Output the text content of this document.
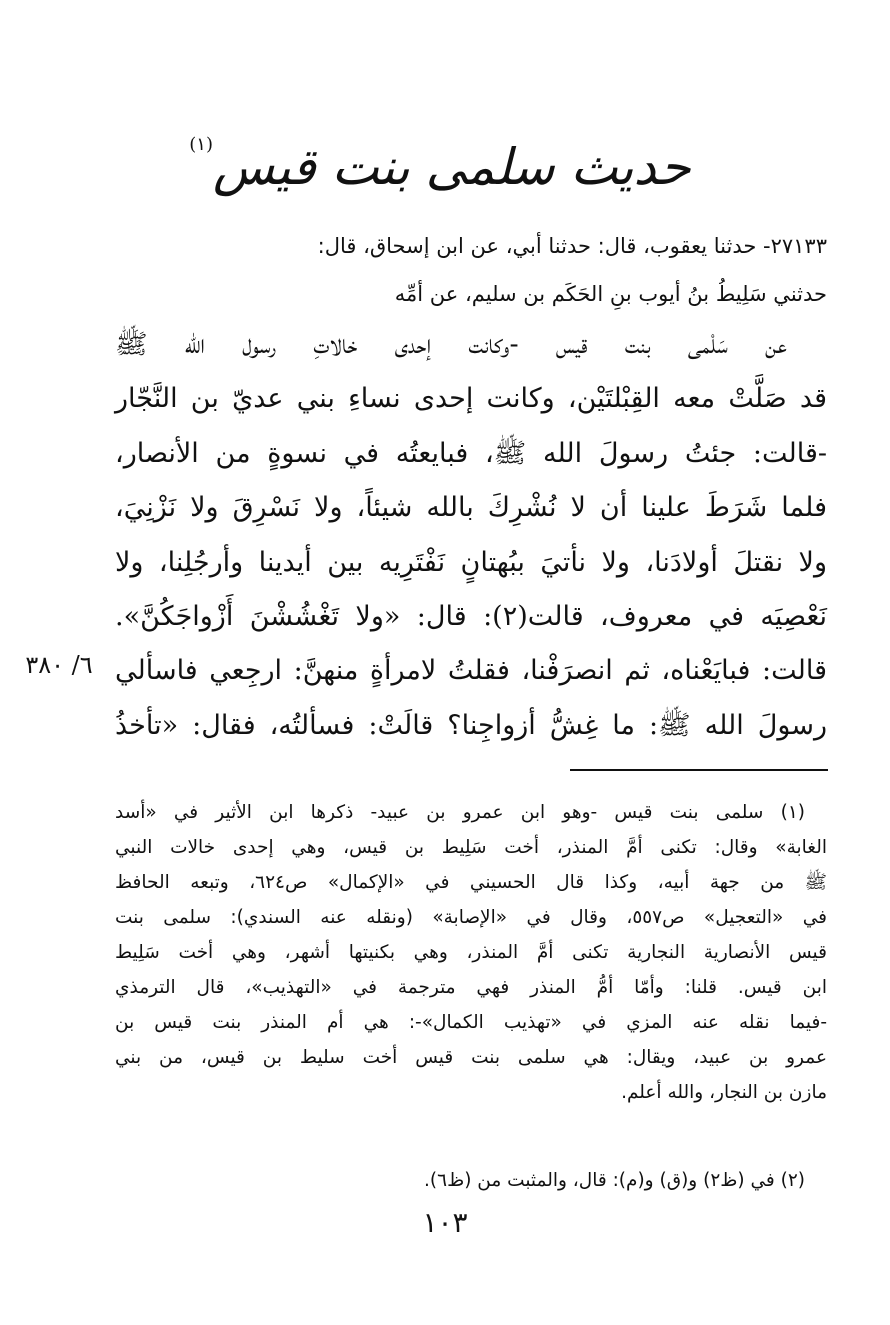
حديث سلمى بنت قيس$^{(١)}$
٢٧١٣٣- حدثنا يعقوب، قال: حدثنا أبي، عن ابن إسحاق، قال:
حدثني سَلِيطُ بنُ أيوب بنِ الحَكَم بن سليم، عن أمِّه
عن سَلْمى بنت قيس -وكانت إحدى خالاتِ رسول الله ﷺ
قد صَلَّتْ معه القِبْلتَيْن، وكانت إحدى نساءِ بني عديّ بن النَّجّار
-قالت: جئتُ رسولَ الله ﷺ، فبايعتُه في نسوةٍ من الأنصار،
فلما شَرَطَ علينا أن لا نُشْرِكَ بالله شيئاً، ولا نَسْرِقَ ولا نَزْنِيَ،
ولا نقتلَ أولادَنا، ولا نأتيَ ببُهتانٍ نَفْتَرِيه بين أيدينا وأرجُلِنا، ولا
نَعْصِيَه في معروف، قالت(٢): قال: «ولا تَغْشُشْنَ أَزْواجَكُنَّ».
قالت: فبايَعْناه، ثم انصرَفْنا، فقلتُ لامرأةٍ منهنَّ: ارجِعي فاسألي
رسولَ الله ﷺ: ما غِشُّ أزواجِنا؟ قالَتْ: فسألتُه، فقال: «تأخذُ
٦/ ٣٨٠
(١) سلمى بنت قيس -وهو ابن عمرو بن عبيد- ذكرها ابن الأثير في «أسد
الغابة» وقال: تكنى أمَّ المنذر، أخت سَلِيط بن قيس، وهي إحدى خالات النبي
ﷺ من جهة أبيه، وكذا قال الحسيني في «الإكمال» ص٦٢٤، وتبعه الحافظ
في «التعجيل» ص٥٥٧، وقال في «الإصابة» (ونقله عنه السندي): سلمى بنت
قيس الأنصارية النجارية تكنى أمَّ المنذر، وهي بكنيتها أشهر، وهي أخت سَلِيط
ابن قيس. قلنا: وأمّا أمُّ المنذر فهي مترجمة في «التهذيب»، قال الترمذي
-فيما نقله عنه المزي في «تهذيب الكمال»-: هي أم المنذر بنت قيس بن
عمرو بن عبيد، ويقال: هي سلمى بنت قيس أخت سليط بن قيس، من بني
مازن بن النجار، والله أعلم.
(٢) في (ظ٢) و(ق) و(م): قال، والمثبت من (ظ٦).
١٠٣
